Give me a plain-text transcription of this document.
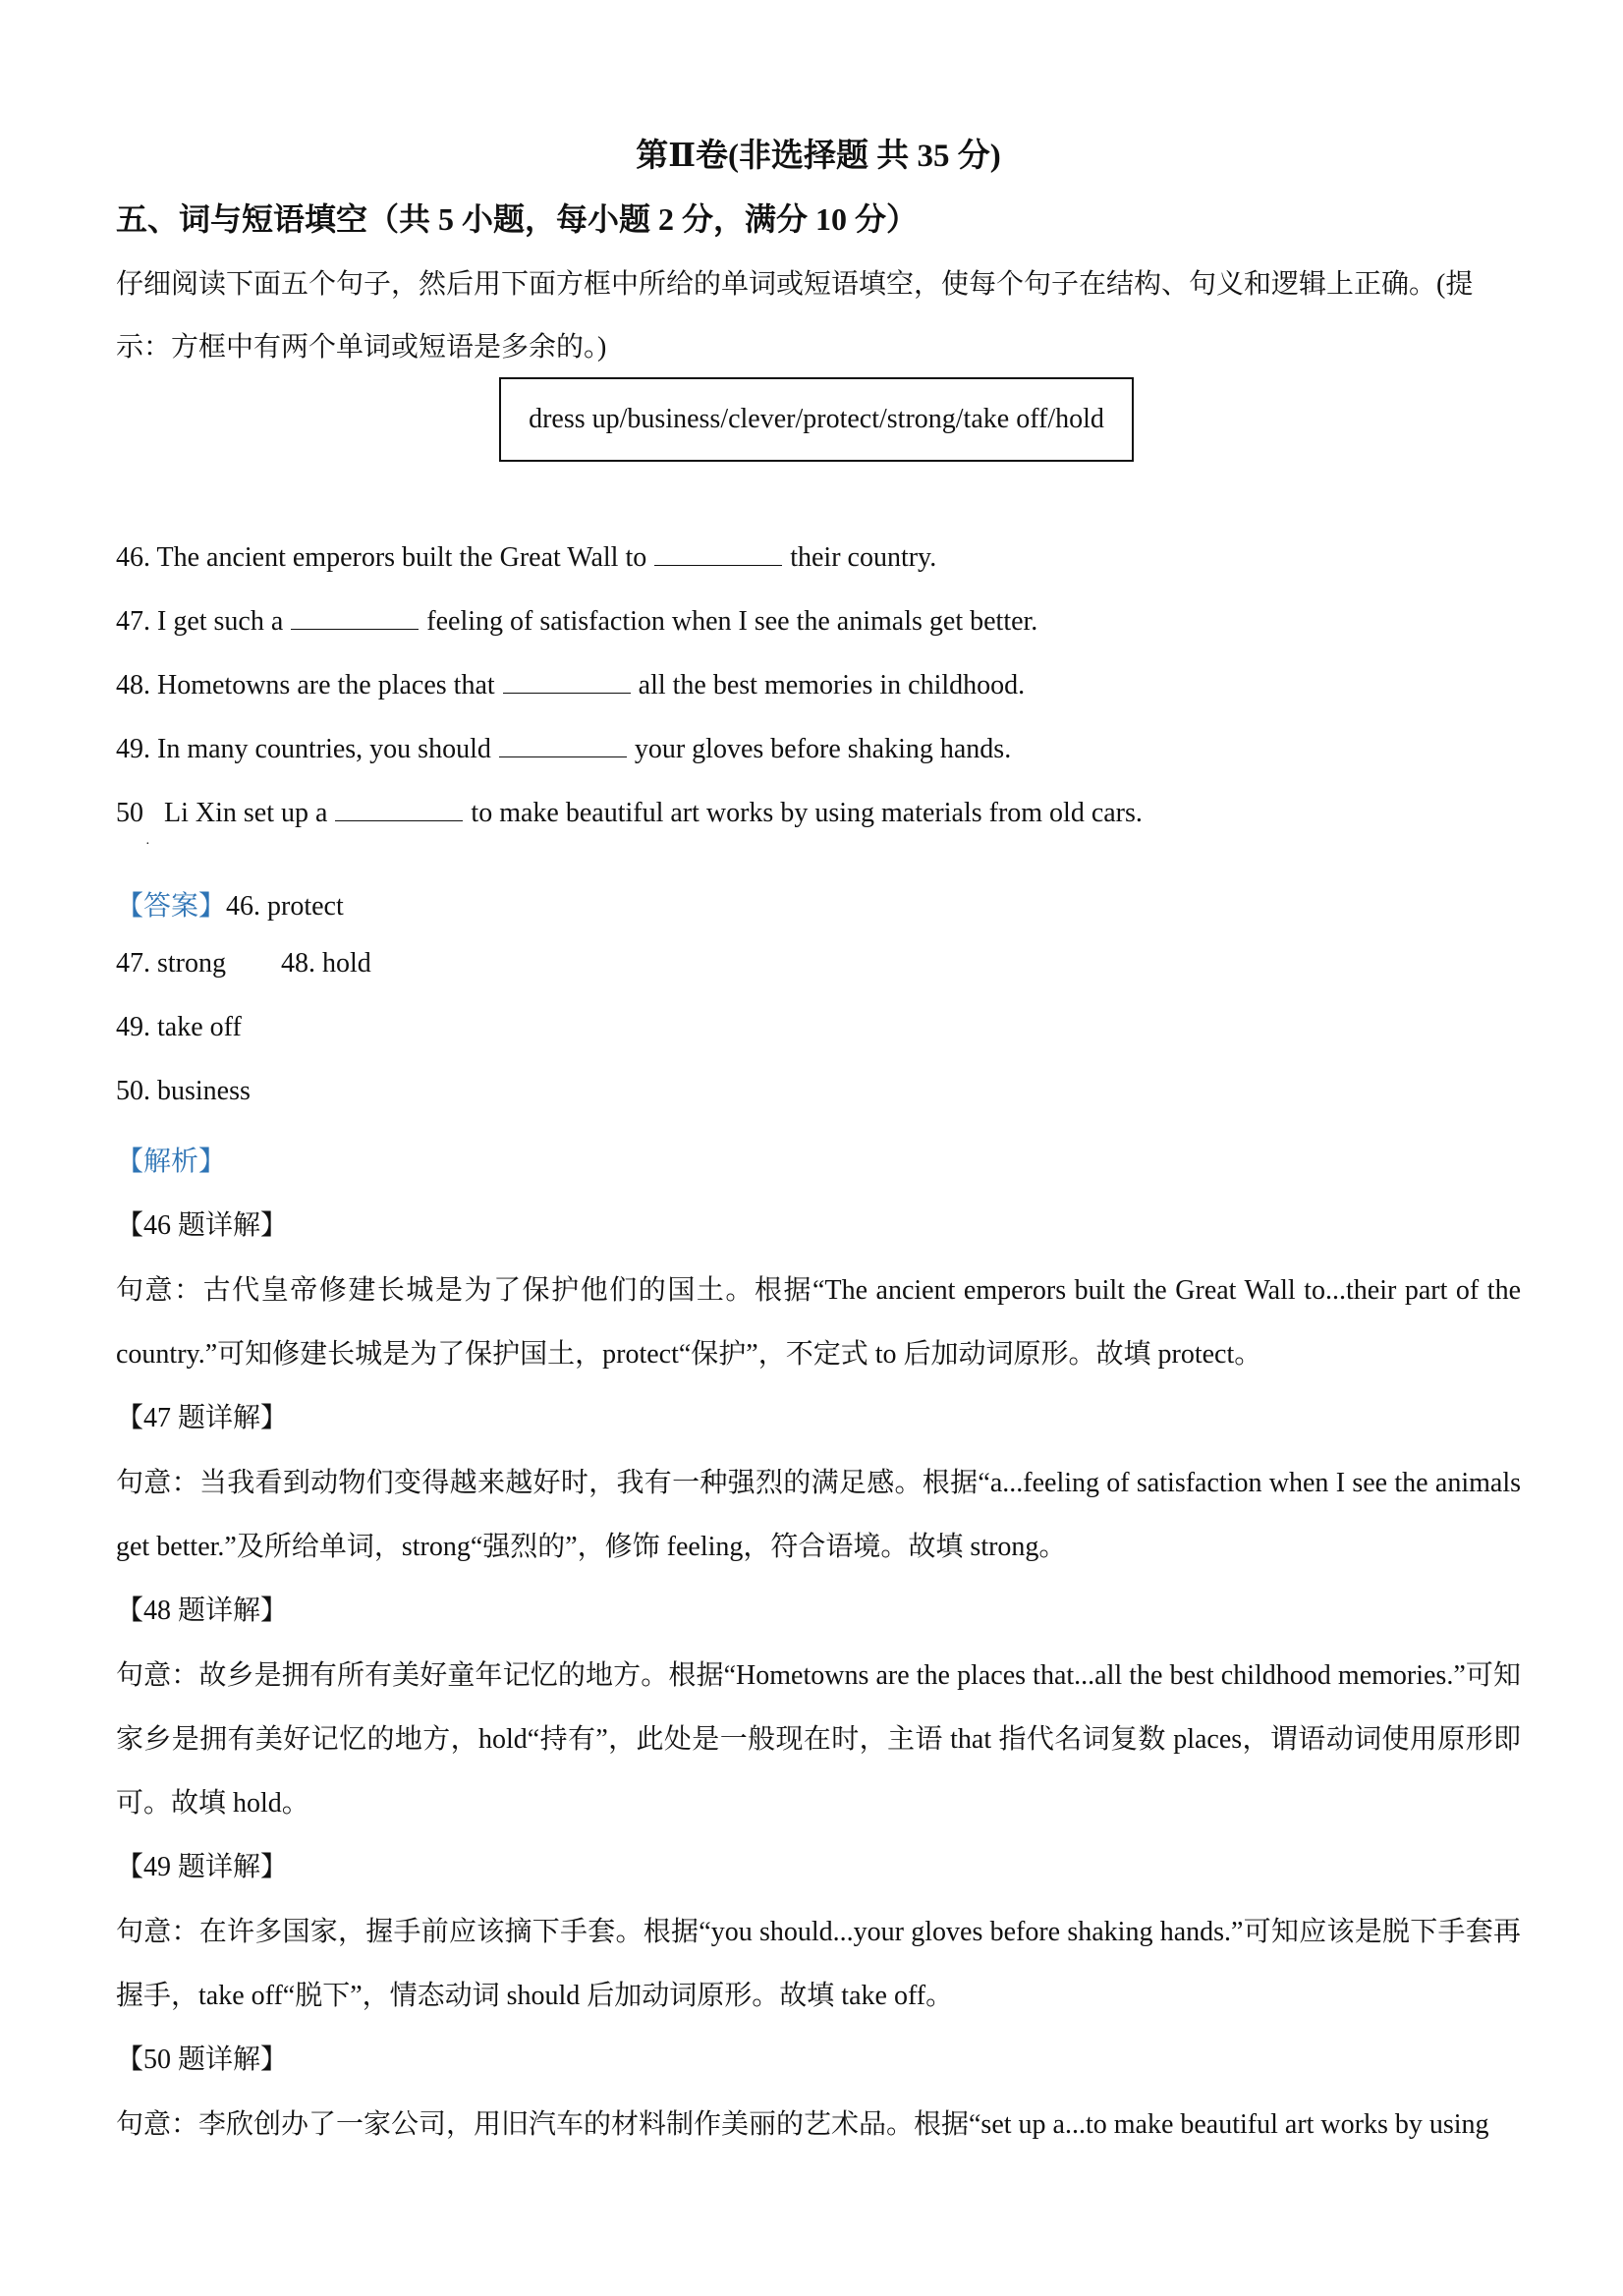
第Ⅱ卷(非选择题 共 35 分)
五、词与短语填空（共 5 小题，每小题 2 分，满分 10 分）
仔细阅读下面五个句子，然后用下面方框中所给的单词或短语填空，使每个句子在结构、句义和逻辑上正确。(提示：方框中有两个单词或短语是多余的。)
dress up/business/clever/protect/strong/take off/hold
46. The ancient emperors built the Great Wall to	their country.
47. I get such a	feeling of satisfaction when I see the animals get better.
48. Hometowns are the places that	all the best memories in childhood.
49. In many countries, you should	your gloves before shaking hands.
50   Li Xin set up a	to make beautiful art works by using materials from old cars.
·
【答案】46. protect
47. strong 48. hold
49. take off
50. business
【解析】
【46 题详解】
句意：古代皇帝修建长城是为了保护他们的国土。根据“The ancient emperors built the Great Wall to...their part of the country.”可知修建长城是为了保护国土，protect“保护”，不定式 to 后加动词原形。故填 protect。
【47 题详解】
句意：当我看到动物们变得越来越好时，我有一种强烈的满足感。根据“a...feeling of satisfaction when I see the animals get better.”及所给单词，strong“强烈的”，修饰 feeling，符合语境。故填 strong。
【48 题详解】
句意：故乡是拥有所有美好童年记忆的地方。根据“Hometowns are the places that...all the best childhood memories.”可知家乡是拥有美好记忆的地方，hold“持有”，此处是一般现在时，主语 that 指代名词复数 places，谓语动词使用原形即可。故填 hold。
【49 题详解】
句意：在许多国家，握手前应该摘下手套。根据“you should...your gloves before shaking hands.”可知应该是脱下手套再握手，take off“脱下”，情态动词 should 后加动词原形。故填 take off。
【50 题详解】
句意：李欣创办了一家公司，用旧汽车的材料制作美丽的艺术品。根据“set up a...to make beautiful art works by using
